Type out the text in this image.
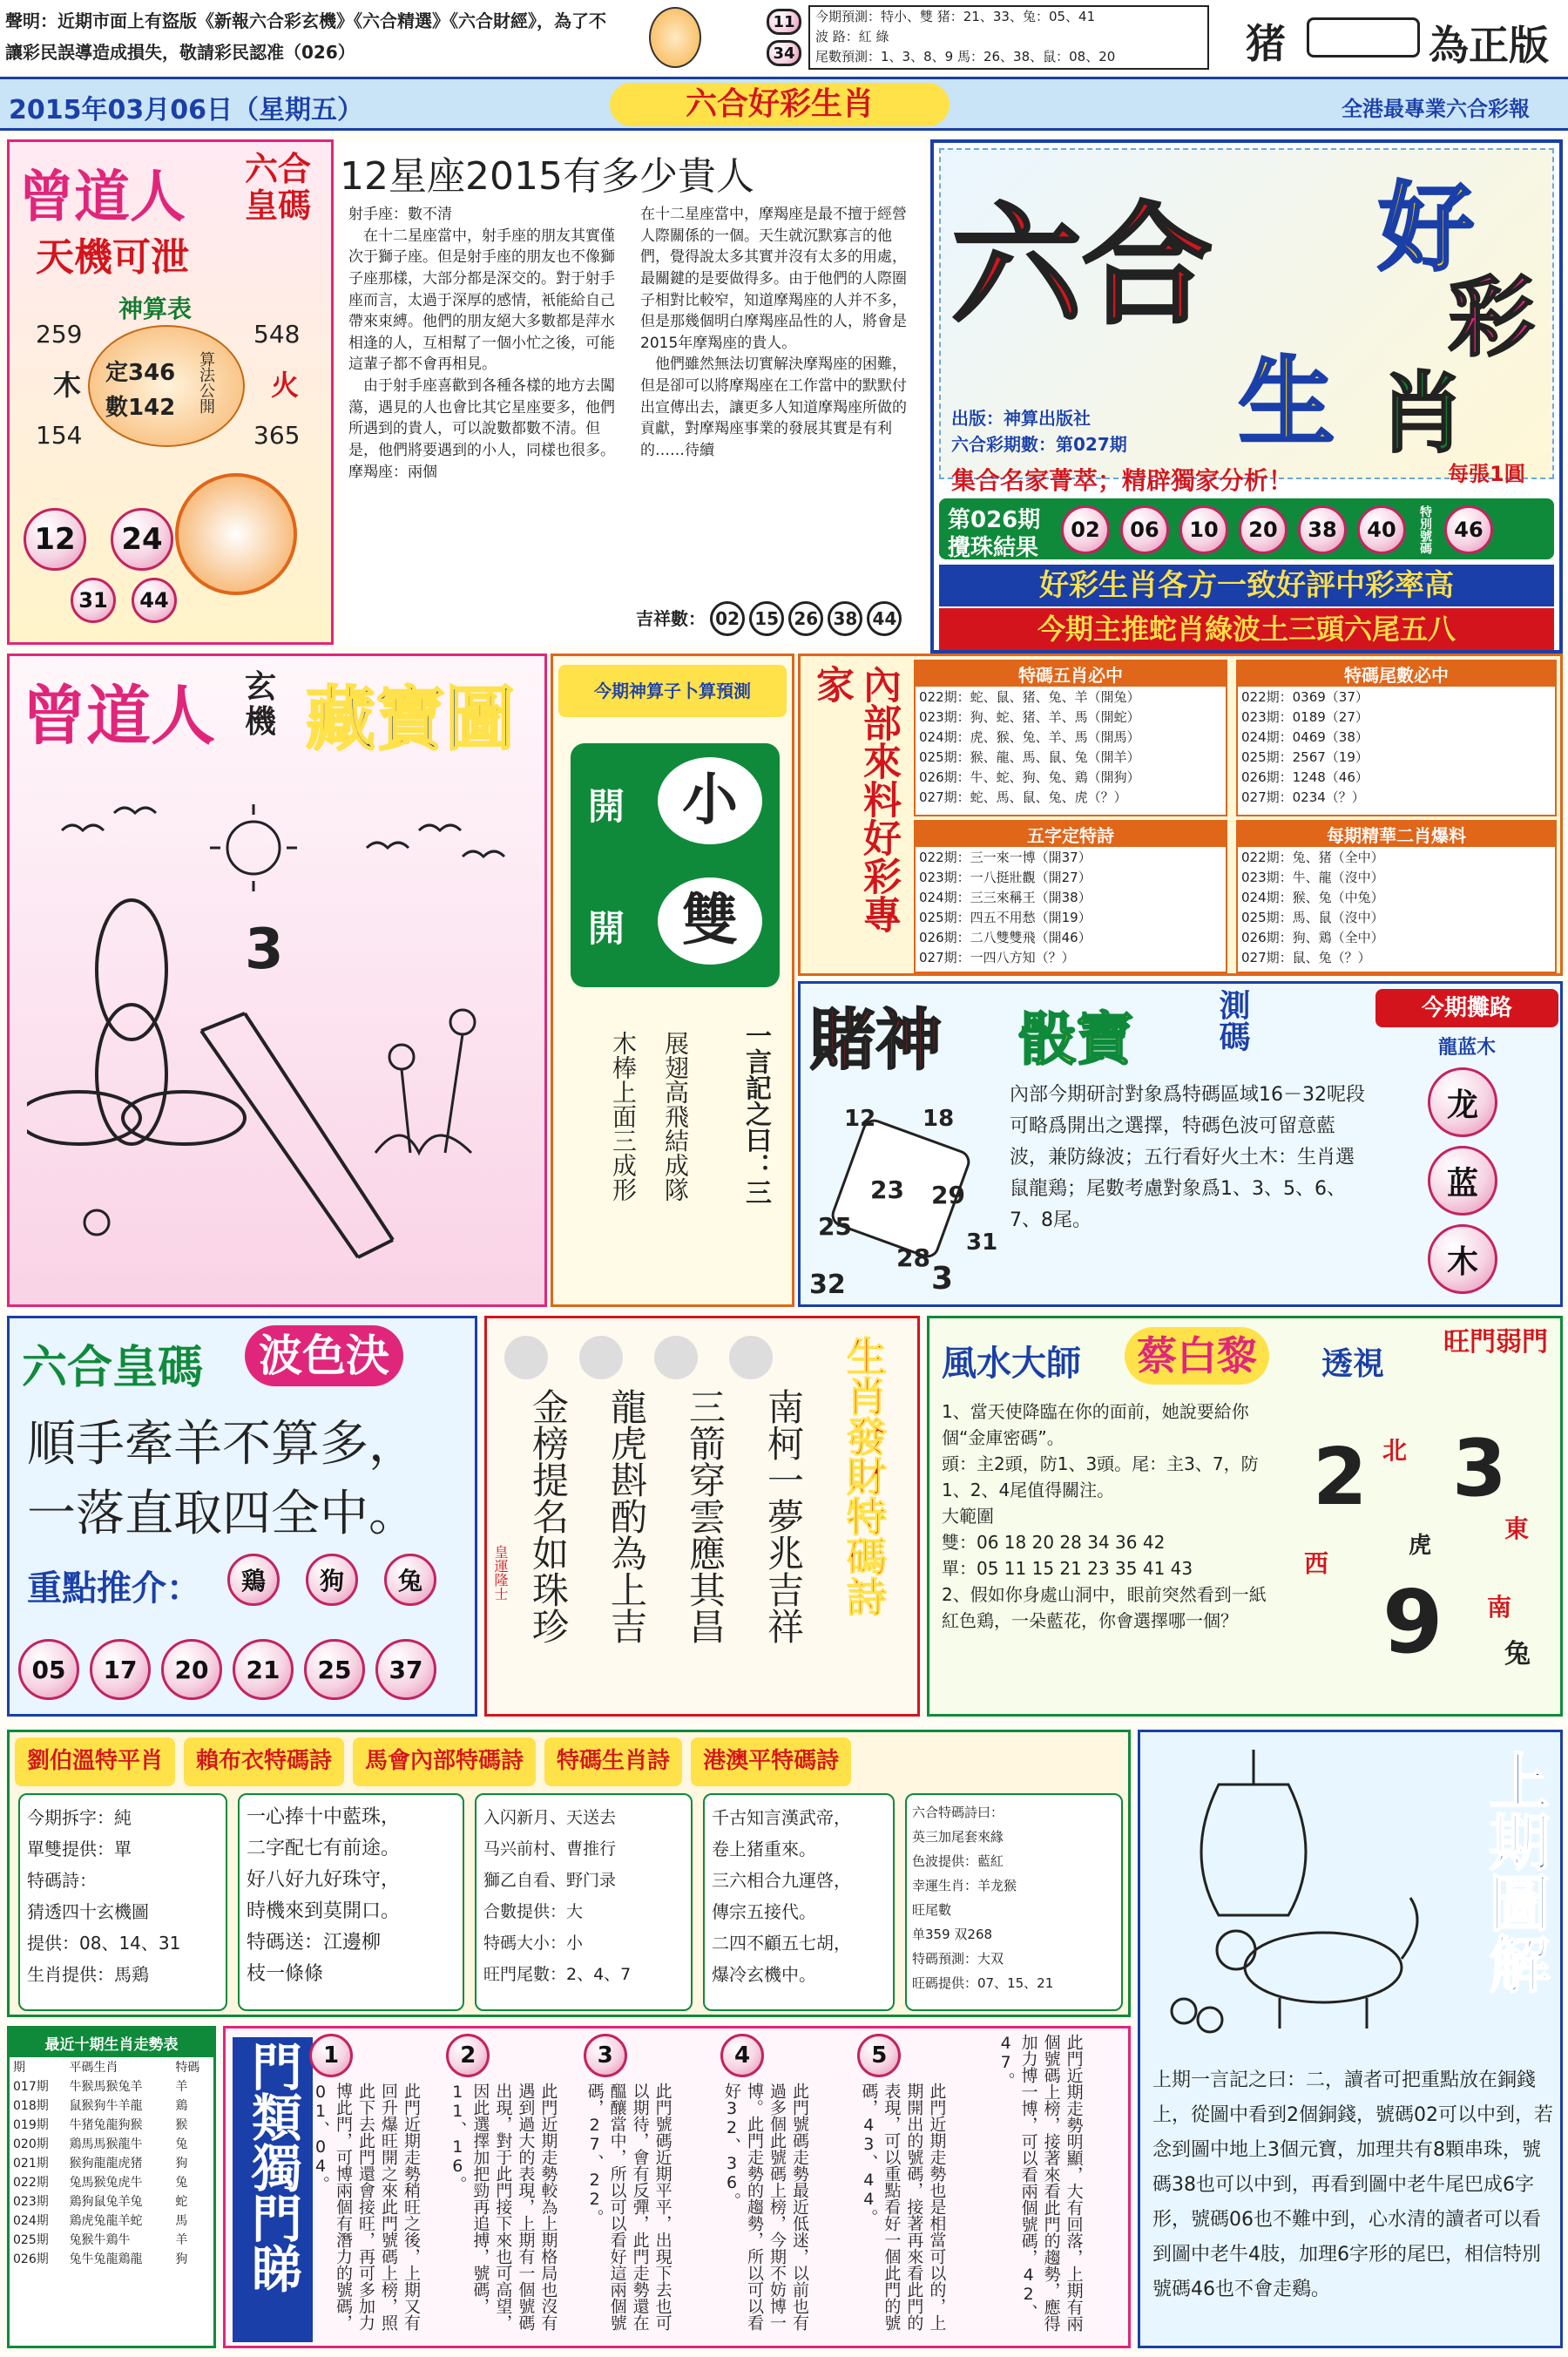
聲明：近期市面上有盜版《新報六合彩玄機》《六合精選》《六合財經》，為了不讓彩民誤導造成損失，敬請彩民認准（026）
11
34
今期預測：特小、雙 猪：21、33、兔：05、41
波 路：紅 綠
尾數預測：1、3、8、9 馬：26、38、鼠：08、20	猪	為正版
2015年03月06日（星期五）	六合好彩生肖	全港最專業六合彩報
曾道人 六合皇碼
天機可泄
神算表
259
木
154
548
火
365
定346
數142 算法公開
12	24
31	44
12星座2015有多少貴人
射手座：數不清
　在十二星座當中，射手座的朋友其實僅次于獅子座。但是射手座的朋友也不像獅子座那樣，大部分都是深交的。對于射手座而言，太過于深厚的感情，衹能給自己帶來束縛。他們的朋友絕大多數都是萍水相逢的人，互相幫了一個小忙之後，可能這輩子都不會再相見。
　由于射手座喜歡到各種各樣的地方去闖蕩，遇見的人也會比其它星座要多，他們所遇到的貴人，可以說數都數不清。但是，他們將要遇到的小人，同樣也很多。
摩羯座：兩個
在十二星座當中，摩羯座是最不擅于經營人際關係的一個。天生就沉默寡言的他們，覺得說太多其實并沒有太多的用處，最關鍵的是要做得多。由于他們的人際圈子相對比較窄，知道摩羯座的人并不多，但是那幾個明白摩羯座品性的人，將會是2015年摩羯座的貴人。
　他們雖然無法切實解決摩羯座的困難，但是卻可以將摩羯座在工作當中的默默付出宣傳出去，讓更多人知道摩羯座所做的貢獻，對摩羯座事業的發展其實是有利的……待續
吉祥數： 02 15 26 38 44
六合 好
彩
生 肖
出版：神算出版社
六合彩期數：第027期
集合名家菁萃；精辟獨家分析！	每張1圓
第026期
攪珠結果
02	06	10	20	38	40	特別號碼	46
好彩生肖各方一致好評中彩率高
今期主推蛇肖綠波土三頭六尾五八
曾道人 玄機 藏寶圖
3
今期神算子卜算預測
開	小
開	雙
一言記之曰：三
展翅高飛結成隊
木棒上面三成形
內部來料好彩專家	特碼五肖必中
022期：蛇、鼠、猪、兔、羊（開兔）
023期：狗、蛇、猪、羊、馬（開蛇）
024期：虎、猴、兔、羊、馬（開馬）
025期：猴、龍、馬、鼠、兔（開羊）
026期：牛、蛇、狗、兔、鶏（開狗）
027期：蛇、馬、鼠、兔、虎（？）
特碼尾數必中
022期：0369（37）
023期：0189（27）
024期：0469（38）
025期：2567（19）
026期：1248（46）
027期：0234（？）
五字定特詩
022期：三一來一博（開37）
023期：一八挺壯觀（開27）
024期：三三來稱王（開38）
025期：四五不用愁（開19）
026期：二八雙雙飛（開46）
027期：一四八方知（？）
每期精華二肖爆料
022期：兔、猪（全中）
023期：牛、龍（沒中）
024期：猴、兔（中兔）
025期：馬、鼠（沒中）
026期：狗、鶏（全中）
027期：鼠、兔（？）
賭神 骰寶	測碼
12 18
23 29
25
28
31
32	3
內部今期研討對象爲特碼區域16－32呢段可略爲開出之選擇，特碼色波可留意藍波，兼防綠波；五行看好火土木：生肖選鼠龍鶏；尾數考慮對象爲1、3、5、6、7、8尾。
今期攤路
龍蓝木
龙
蓝
木
六合皇碼	波色決
順手牽羊不算多，
一落直取四全中。
重點推介：	鶏	狗	兔
05	17	20	21	25	37
南柯一夢兆吉祥
三箭穿雲應其昌
龍虎斟酌為上吉
金榜提名如珠珍
皇運隆士	生肖發財特碼詩 風水大師	蔡白黎	透視
旺門弱門
1、當天使降臨在你的面前，她說要給你個“金庫密碼”。
頭：主2頭，防1、3頭。尾：主3、7，防1、2、4尾值得關注。
大範圍
雙：06 18 20 28 34 36 42
單：05 11 15 21 23 35 41 43
2、假如你身處山洞中，眼前突然看到一紙紅色鶏，一朵藍花，你會選擇哪一個？
2 3
9
北
西
東
南
虎
兔
劉伯溫特平肖	賴布衣特碼詩	馬會內部特碼詩	特碼生肖詩	港澳平特碼詩
今期拆字：純
單雙提供：單
特碼詩：
猜透四十玄機圖
提供：08、14、31
生肖提供：馬鶏
一心捧十中藍珠，
二字配七有前途。
好八好九好珠守，
時機來到莫開口。
特碼送：江邊柳
枝一條條
入闪新月、天送去
马兴前村、曹推行
獅乙自看、野门录
合數提供：大
特碼大小：小
旺門尾數：2、4、7
千古知言漢武帝，
卷上猪重來。
三六相合九運啓，
傳宗五接代。
二四不顧五七胡，
爆冷玄機中。
六合特碼詩曰：
英三加尾套來緣
色波提供：藍紅
幸運生肖：羊龙猴
旺尾數
单359 双268
特碼預測：大双
旺碼提供：07、15、21	上期圖解
上期一言記之曰：二，讀者可把重點放在銅錢上，從圖中看到2個銅錢，號碼02可以中到，若念到圖中地上3個元寶，加理共有8顆串珠，號碼38也可以中到，再看到圖中老牛尾巴成6字形，號碼06也不難中到，心水清的讀者可以看到圖中老牛4肢，加理6字形的尾巴，相信特別號碼46也不會走鷄。
最近十期生肖走勢表
期	平碼生肖	特碼
017期	牛猴馬猴兔羊	羊
018期	鼠猴狗牛羊龍	鶏
019期	牛猪兔龍狗猴	猴
020期	鶏馬馬猴龍牛	兔
021期	猴狗龍龍虎猪	狗
022期	兔馬猴兔虎牛	兔
023期	鶏狗鼠兔羊兔	蛇
024期	鶏虎兔龍羊蛇	馬
025期	兔猴牛鶏牛	羊
026期	兔牛兔龍鶏龍	狗 門類獨門睇 1
此門近期走勢稍旺之後，上期又有回升爆旺開之來此門號碼上榜，照此下去此門還會接旺，再可多加力博此門，可博兩個有潛力的號碼，01、04。
2
此門近期走勢較為上期格局也沒有遇到過大的表現，上期有一個號碼出現，對于此門接下來也可高望，因此選擇加把勁再追搏，號碼，11、16。
3
此門號碼近期平平，出現下去也可以期待，會有反彈，此門走勢還在醞釀當中，所以可以看好這兩個號碼，27、22。
4
此門號碼走勢最近低迷，以前也有過多個此號碼上榜，今期不妨博一博。此門走勢的趨勢，所以可以看好32、36。
5
此門近期走勢也是相當可以的，上期開出的號碼，接著再來看此門的表現，可以重點看好一個此門的號碼，43、44。	此門近期走勢明顯，大有回落，上期有兩個號碼上榜，接著來看此門的趨勢，應得加力博一博，可以看兩個號碼，42、47。
